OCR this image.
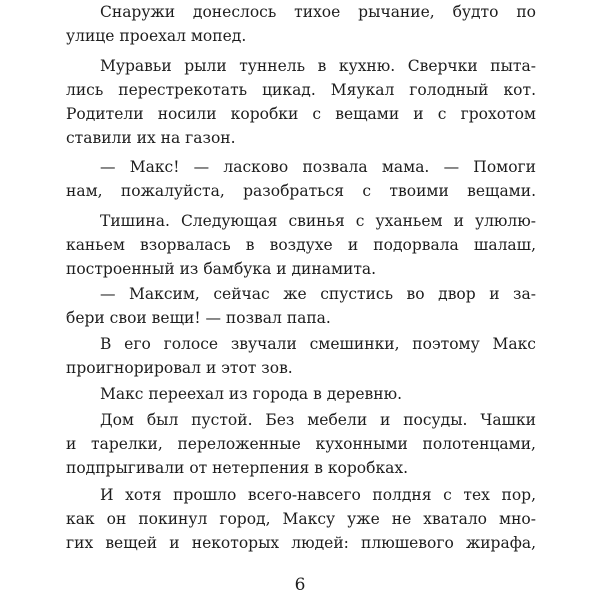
Снаружи донеслось тихое рычание, будто по
улице проехал мопед.
Муравьи рыли туннель в кухню. Сверчки пыта-
лись перестрекотать цикад. Мяукал голодный кот.
Родители носили коробки с вещами и с грохотом
ставили их на газон.
— Макс! — ласково позвала мама. — Помоги
нам, пожалуйста, разобраться с твоими вещами.
Тишина. Следующая свинья с уханьем и улюлю-
каньем взорвалась в воздухе и подорвала шалаш,
построенный из бамбука и динамита.
— Максим, сейчас же спустись во двор и за-
бери свои вещи! — позвал папа.
В его голосе звучали смешинки, поэтому Макс
проигнорировал и этот зов.
Макс переехал из города в деревню.
Дом был пустой. Без мебели и посуды. Чашки
и тарелки, переложенные кухонными полотенцами,
подпрыгивали от нетерпения в коробках.
И хотя прошло всего-навсего полдня с тех пор,
как он покинул город, Максу уже не хватало мно-
гих вещей и некоторых людей: плюшевого жирафа,
6
